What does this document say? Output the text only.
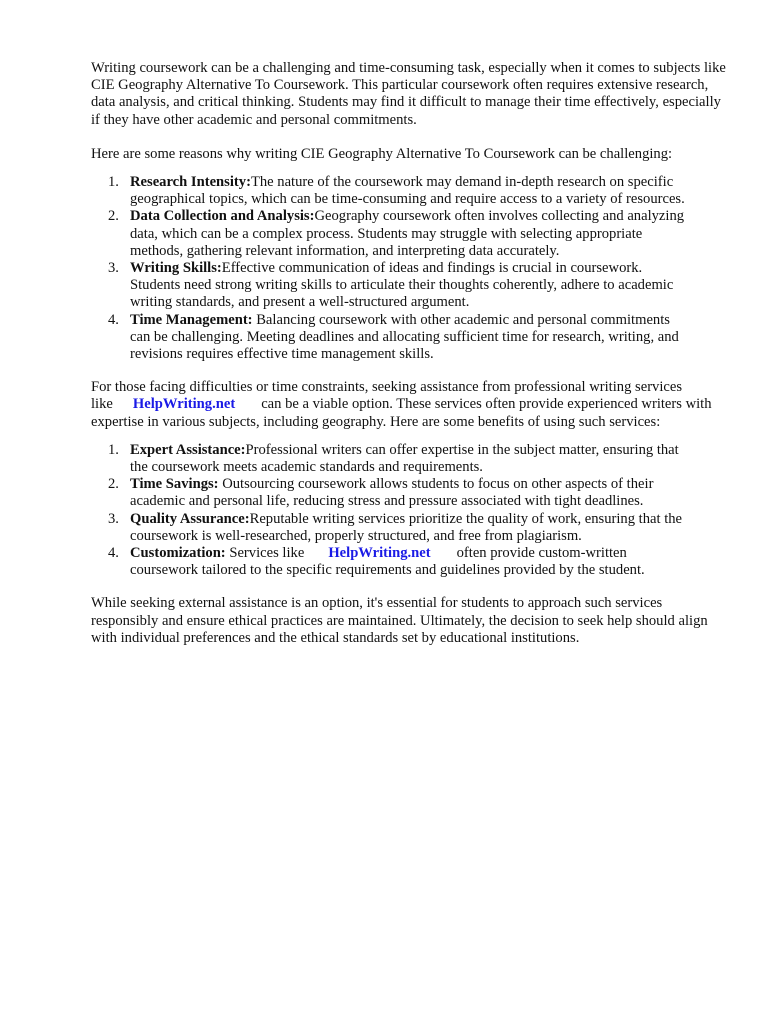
Writing coursework can be a challenging and time-consuming task, especially when it comes to subjects like CIE Geography Alternative To Coursework. This particular coursework often requires extensive research, data analysis, and critical thinking. Students may find it difficult to manage their time effectively, especially if they have other academic and personal commitments.

Here are some reasons why writing CIE Geography Alternative To Coursework can be challenging:

1. Research Intensity:The nature of the coursework may demand in-depth research on specific geographical topics, which can be time-consuming and require access to a variety of resources.
2. Data Collection and Analysis:Geography coursework often involves collecting and analyzing data, which can be a complex process. Students may struggle with selecting appropriate methods, gathering relevant information, and interpreting data accurately.
3. Writing Skills:Effective communication of ideas and findings is crucial in coursework. Students need strong writing skills to articulate their thoughts coherently, adhere to academic writing standards, and present a well-structured argument.
4. Time Management: Balancing coursework with other academic and personal commitments can be challenging. Meeting deadlines and allocating sufficient time for research, writing, and revisions requires effective time management skills.

For those facing difficulties or time constraints, seeking assistance from professional writing services like HelpWriting.net can be a viable option. These services often provide experienced writers with expertise in various subjects, including geography. Here are some benefits of using such services:

1. Expert Assistance:Professional writers can offer expertise in the subject matter, ensuring that the coursework meets academic standards and requirements.
2. Time Savings: Outsourcing coursework allows students to focus on other aspects of their academic and personal life, reducing stress and pressure associated with tight deadlines.
3. Quality Assurance:Reputable writing services prioritize the quality of work, ensuring that the coursework is well-researched, properly structured, and free from plagiarism.
4. Customization: Services like HelpWriting.net often provide custom-written coursework tailored to the specific requirements and guidelines provided by the student.

While seeking external assistance is an option, it's essential for students to approach such services responsibly and ensure ethical practices are maintained. Ultimately, the decision to seek help should align with individual preferences and the ethical standards set by educational institutions.
